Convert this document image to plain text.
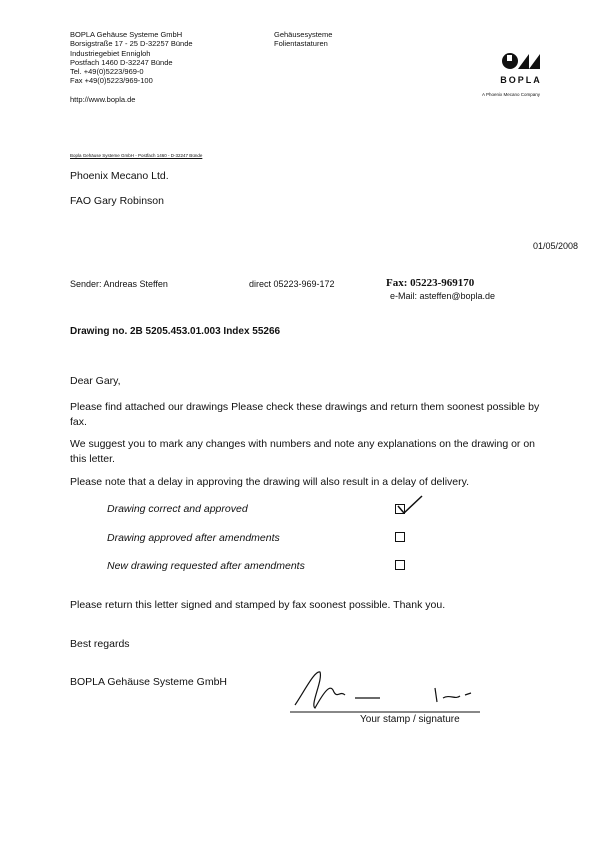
BOPLA Gehäuse Systeme GmbH
Borsigstraße 17 - 25 D-32257 Bünde
Industriegebiet Ennigloh
Postfach 1460 D-32247 Bünde
Tel. +49(0)5223/969-0
Fax +49(0)5223/969-100
http://www.bopla.de
Gehäusesysteme
Folientastaturen
BOPLA
A Phoenix Mecano Company
Bopla Gehäuse Systeme GmbH - Postfach 1460 - D-32247 Bünde
Phoenix Mecano Ltd.
FAO Gary Robinson
01/05/2008
Sender: Andreas Steffen	direct 05223-969-172	Fax: 05223-969170
e-Mail: asteffen@bopla.de
Drawing no. 2B 5205.453.01.003 Index 55266
Dear Gary,
Please find attached our drawings Please check these drawings and return them soonest possible by fax.
We suggest you to mark any changes with numbers and note any explanations on the drawing or on this letter.
Please note that a delay in approving the drawing will also result in a delay of delivery.
Drawing correct and approved
Drawing approved after amendments
New drawing requested after amendments
Please return this letter signed and stamped by fax soonest possible. Thank you.
Best regards
BOPLA Gehäuse Systeme GmbH
Your stamp / signature
